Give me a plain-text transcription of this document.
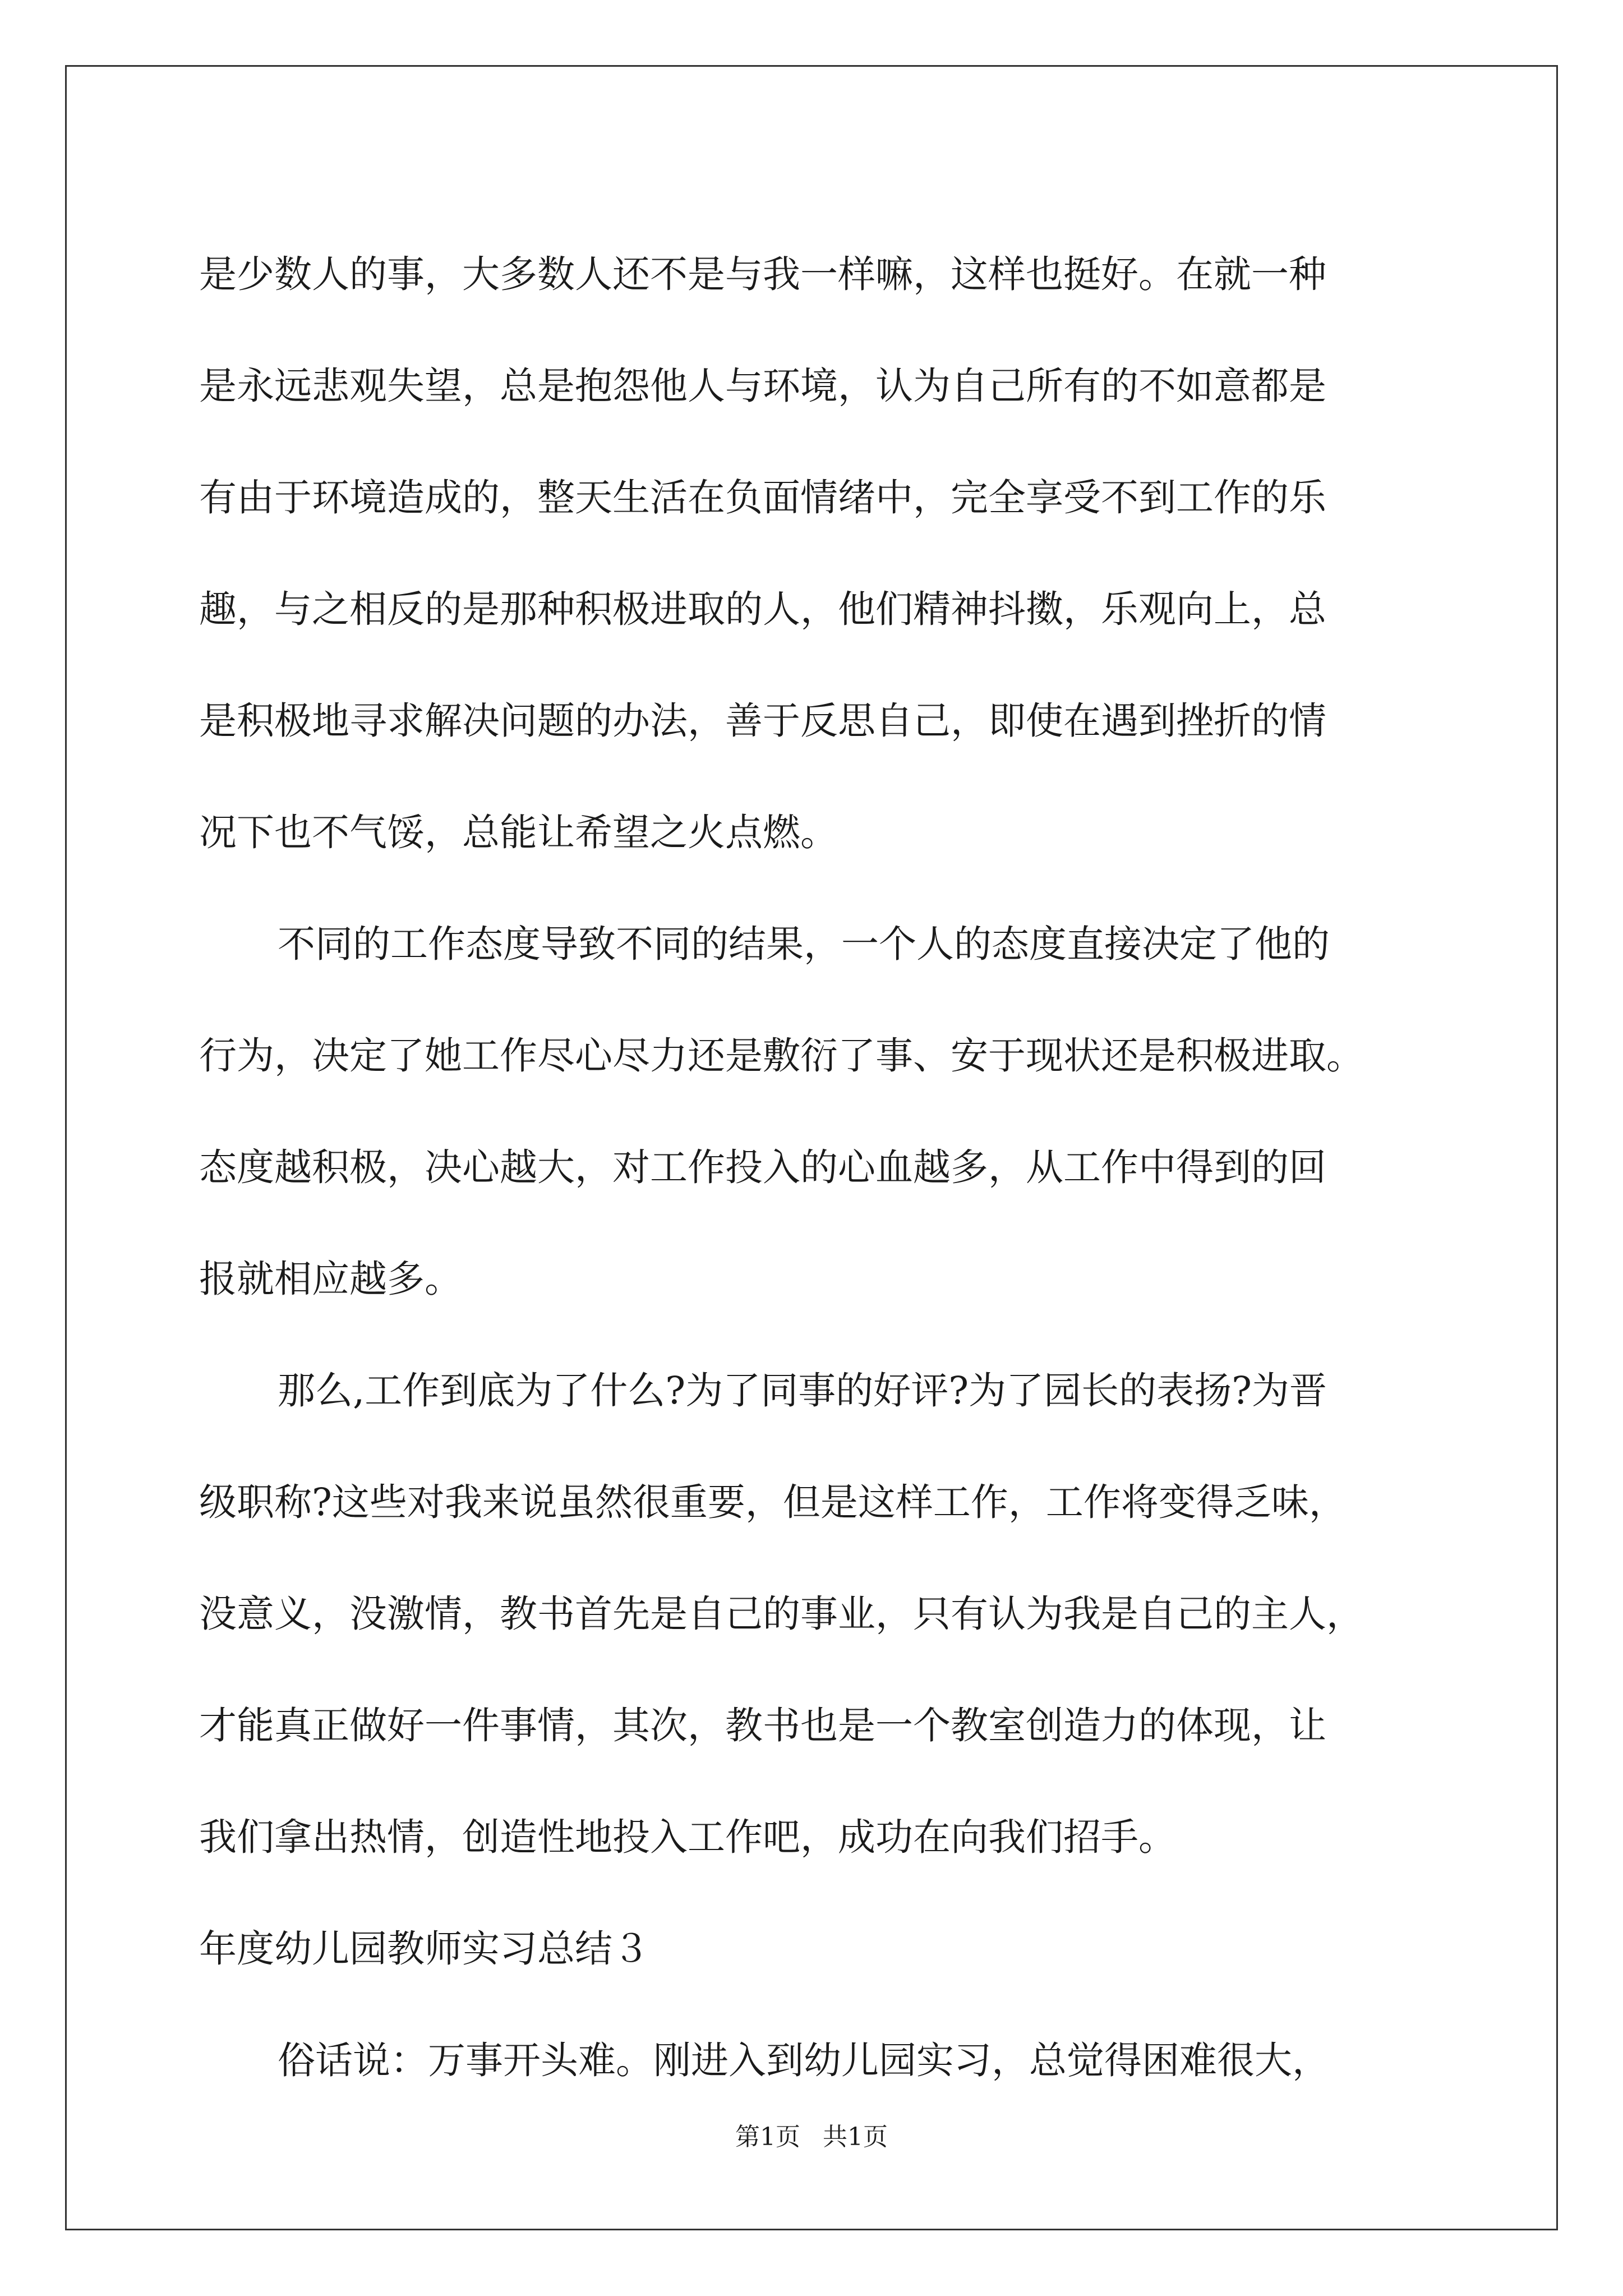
是少数人的事，大多数人还不是与我一样嘛，这样也挺好。在就一种
是永远悲观失望，总是抱怨他人与环境，认为自己所有的不如意都是
有由于环境造成的，整天生活在负面情绪中，完全享受不到工作的乐
趣，与之相反的是那种积极进取的人，他们精神抖擞，乐观向上，总
是积极地寻求解决问题的办法，善于反思自己，即使在遇到挫折的情
况下也不气馁，总能让希望之火点燃。
不同的工作态度导致不同的结果，一个人的态度直接决定了他的
行为，决定了她工作尽心尽力还是敷衍了事、安于现状还是积极进取。
态度越积极，决心越大，对工作投入的心血越多，从工作中得到的回
报就相应越多。
那么,工作到底为了什么?为了同事的好评?为了园长的表扬?为晋
级职称?这些对我来说虽然很重要，但是这样工作，工作将变得乏味，
没意义，没激情，教书首先是自己的事业，只有认为我是自己的主人，
才能真正做好一件事情，其次，教书也是一个教室创造力的体现，让
我们拿出热情，创造性地投入工作吧，成功在向我们招手。
年度幼儿园教师实习总结３
俗话说：万事开头难。刚进入到幼儿园实习，总觉得困难很大，
第1页 共1页
